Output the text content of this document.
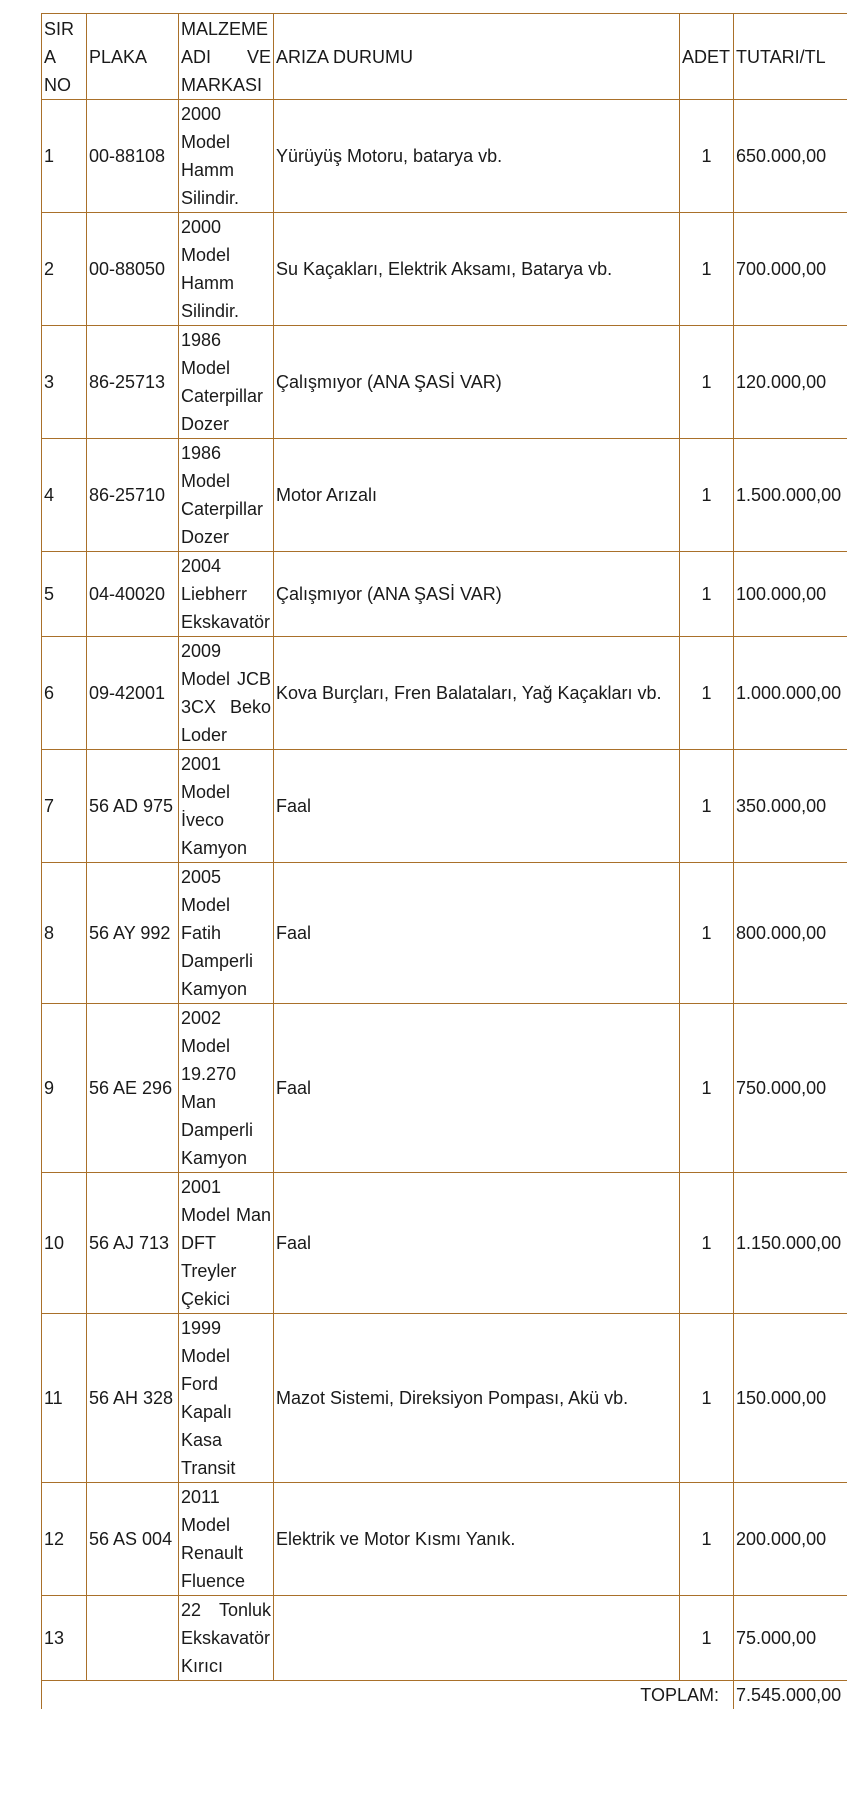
SIRA NO	PLAKA	MALZEME ADI VE MARKASI	ARIZA DURUMU	ADET	TUTARI/TL
1	00-88108	2000 Model Hamm Silindir.	Yürüyüş Motoru, batarya vb.	1	650.000,00
2	00-88050	2000 Model Hamm Silindir.	Su Kaçakları, Elektrik Aksamı, Batarya vb.	1	700.000,00
3	86-25713	1986 Model Caterpillar Dozer	Çalışmıyor (ANA ŞASİ VAR)	1	120.000,00
4	86-25710	1986 Model Caterpillar Dozer	Motor Arızalı	1	1.500.000,00
5	04-40020	2004 Liebherr Ekskavatör	Çalışmıyor (ANA ŞASİ VAR)	1	100.000,00
6	09-42001	2009 Model JCB 3CX Beko Loder	Kova Burçları, Fren Balataları, Yağ Kaçakları vb.	1	1.000.000,00
7	56 AD 975	2001 Model İveco Kamyon	Faal	1	350.000,00
8	56 AY 992	2005 Model Fatih Damperli Kamyon	Faal	1	800.000,00
9	56 AE 296	2002 Model 19.270 Man Damperli Kamyon	Faal	1	750.000,00
10	56 AJ 713	2001 Model Man DFT Treyler Çekici	Faal	1	1.150.000,00
11	56 AH 328	1999 Model Ford Kapalı Kasa Transit	Mazot Sistemi, Direksiyon Pompası, Akü vb.	1	150.000,00
12	56 AS 004	2011 Model Renault Fluence	Elektrik ve Motor Kısmı Yanık.	1	200.000,00
13		22 Tonluk Ekskavatör Kırıcı		1	75.000,00
TOPLAM:					7.545.000,00
